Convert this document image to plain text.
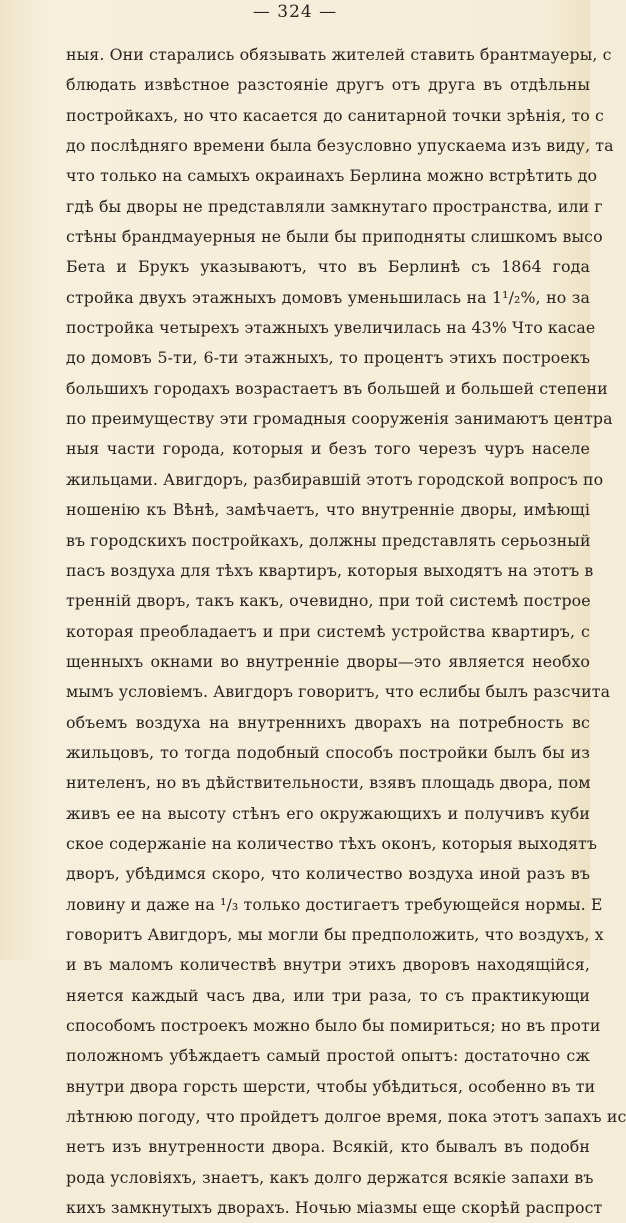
— 324 —
ныя. Они старались обязывать жителей ставить брантмауеры, с
блюдать извѣстное разстояніе другъ отъ друга въ отдѣльны
постройкахъ, но что касается до санитарной точки зрѣнія, то с
до послѣдняго времени была безусловно упускаема изъ виду, та
что только на самыхъ окраинахъ Берлина можно встрѣтить до
гдѣ бы дворы не представляли замкнутаго пространства, или г
стѣны брандмауерныя не были бы приподняты слишкомъ высо
Бета и Брукъ указываютъ, что въ Берлинѣ съ 1864 года
стройка двухъ этажныхъ домовъ уменьшилась на 1¹/₂%, но за
постройка четырехъ этажныхъ увеличилась на 43% Что касае
до домовъ 5-ти, 6-ти этажныхъ, то процентъ этихъ построекъ
большихъ городахъ возрастаетъ въ большей и большей степени
по преимуществу эти громадныя сооруженія занимаютъ центра
ныя части города, которыя и безъ того черезъ чуръ населе
жильцами. Авигдоръ, разбиравшій этотъ городской вопросъ по
ношенію къ Вѣнѣ, замѣчаетъ, что внутренніе дворы, имѣющі
въ городскихъ постройкахъ, должны представлять серьозный
пасъ воздуха для тѣхъ квартиръ, которыя выходятъ на этотъ в
тренній дворъ, такъ какъ, очевидно, при той системѣ построе
которая преобладаетъ и при системѣ устройства квартиръ, с
щенныхъ окнами во внутренніе дворы—это является необхо
мымъ условіемъ. Авигдоръ говоритъ, что еслибы былъ разсчита
объемъ воздуха на внутреннихъ дворахъ на потребность вс
жильцовъ, то тогда подобный способъ постройки былъ бы из
нителенъ, но въ дѣйствительности, взявъ площадь двора, пом
живъ ее на высоту стѣнъ его окружающихъ и получивъ куби
ское содержаніе на количество тѣхъ оконъ, которыя выходятъ
дворъ, убѣдимся скоро, что количество воздуха иной разъ въ
ловину и даже на ¹/₃ только достигаетъ требующейся нормы. Е
говоритъ Авигдоръ, мы могли бы предположить, что воздухъ, х
и въ маломъ количествѣ внутри этихъ дворовъ находящійся,
няется каждый часъ два, или три раза, то съ практикующи
способомъ построекъ можно было бы помириться; но въ проти
положномъ убѣждаетъ самый простой опытъ: достаточно сж
внутри двора горсть шерсти, чтобы убѣдиться, особенно въ ти
лѣтнюю погоду, что пройдетъ долгое время, пока этотъ запахъ ис
нетъ изъ внутренности двора. Всякій, кто бывалъ въ подобн
рода условіяхъ, знаетъ, какъ долго держатся всякіе запахи въ
кихъ замкнутыхъ дворахъ. Ночью міазмы еще скорѣй распрост
